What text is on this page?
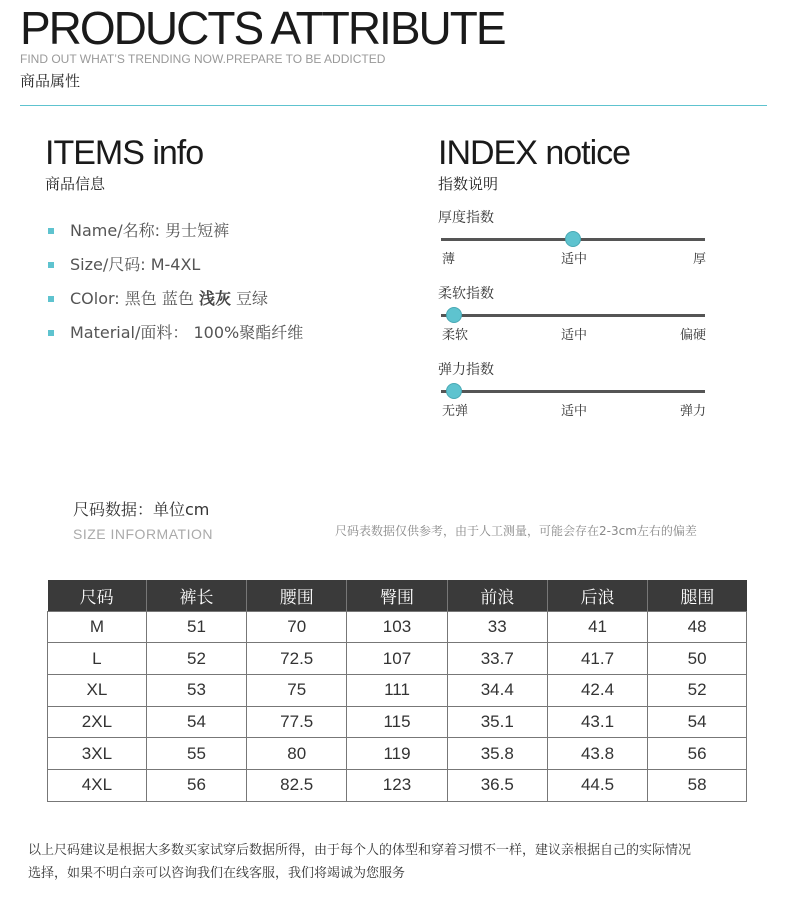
PRODUCTS ATTRIBUTE
FIND OUT WHAT’S TRENDING NOW.PREPARE TO BE ADDICTED
商品属性
ITEMS info
商品信息
Name/名称: 男士短裤
Size/尺码: M-4XL
COlor: 黑色 蓝色 浅灰 豆绿
Material/面料： 100%聚酯纤维
INDEX notice
指数说明
厚度指数
薄	适中	厚
柔软指数
柔软	适中	偏硬
弹力指数
无弹	适中	弹力
尺码数据：单位cm
SIZE INFORMATION	尺码表数据仅供参考，由于人工测量，可能会存在2-3cm左右的偏差
尺码	裤长	腰围	臀围	前浪	后浪	腿围
M	51	70	103	33	41	48
L	52	72.5	107	33.7	41.7	50
XL	53	75	111	34.4	42.4	52
2XL	54	77.5	115	35.1	43.1	54
3XL	55	80	119	35.8	43.8	56
4XL	56	82.5	123	36.5	44.5	58
以上尺码建议是根据大多数买家试穿后数据所得，由于每个人的体型和穿着习惯不一样，建议亲根据自己的实际情况
选择，如果不明白亲可以咨询我们在线客服，我们将竭诚为您服务
